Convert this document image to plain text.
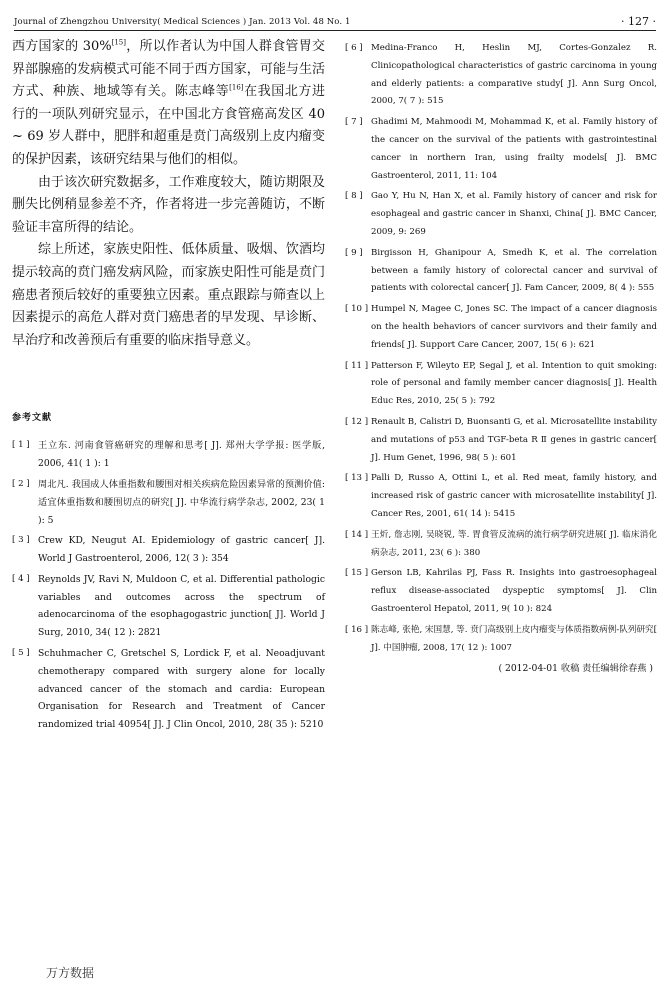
Journal of Zhengzhou University( Medical Sciences ) Jan. 2013 Vol. 48 No. 1	· 127 ·

西方国家的 30%[15]，所以作者认为中国人群食管胃交界部腺癌的发病模式可能不同于西方国家，可能与生活方式、种族、地域等有关。陈志峰等[16]在我国北方进行的一项队列研究显示，在中国北方食管癌高发区 40 ~ 69 岁人群中，肥胖和超重是贲门高级别上皮内瘤变的保护因素，该研究结果与他们的相似。

由于该次研究数据多，工作难度较大，随访期限及删失比例稍显参差不齐，作者将进一步完善随访，不断验证丰富所得的结论。

综上所述，家族史阳性、低体质量、吸烟、饮酒均提示较高的贲门癌发病风险，而家族史阳性可能是贲门癌患者预后较好的重要独立因素。重点跟踪与筛查以上因素提示的高危人群对贲门癌患者的早发现、早诊断、早治疗和改善预后有重要的临床指导意义。

参考文献
[ 1 ] 王立东. 河南食管癌研究的理解和思考[ J]. 郑州大学学报: 医学版, 2006, 41( 1 ): 1
[ 2 ] 周北凡. 我国成人体重指数和腰围对相关疾病危险因素异常的预测价值: 适宜体重指数和腰围切点的研究[ J]. 中华流行病学杂志, 2002, 23( 1 ): 5
[ 3 ] Crew KD, Neugut AI. Epidemiology of gastric cancer[ J]. World J Gastroenterol, 2006, 12( 3 ): 354
[ 4 ] Reynolds JV, Ravi N, Muldoon C, et al. Differential pathologic variables and outcomes across the spectrum of adenocarcinoma of the esophagogastric junction[ J]. World J Surg, 2010, 34( 12 ): 2821
[ 5 ] Schuhmacher C, Gretschel S, Lordick F, et al. Neoadjuvant chemotherapy compared with surgery alone for locally advanced cancer of the stomach and cardia: European Organisation for Research and Treatment of Cancer randomized trial 40954[ J]. J Clin Oncol, 2010, 28( 35 ): 5210
[ 6 ] Medina-Franco H, Heslin MJ, Cortes-Gonzalez R. Clinicopathological characteristics of gastric carcinoma in young and elderly patients: a comparative study[ J]. Ann Surg Oncol, 2000, 7( 7 ): 515
[ 7 ] Ghadimi M, Mahmoodi M, Mohammad K, et al. Family history of the cancer on the survival of the patients with gastrointestinal cancer in northern Iran, using frailty models[ J]. BMC Gastroenterol, 2011, 11: 104
[ 8 ] Gao Y, Hu N, Han X, et al. Family history of cancer and risk for esophageal and gastric cancer in Shanxi, China[ J]. BMC Cancer, 2009, 9: 269
[ 9 ] Birgisson H, Ghanipour A, Smedh K, et al. The correlation between a family history of colorectal cancer and survival of patients with colorectal cancer[ J]. Fam Cancer, 2009, 8( 4 ): 555
[ 10 ] Humpel N, Magee C, Jones SC. The impact of a cancer diagnosis on the health behaviors of cancer survivors and their family and friends[ J]. Support Care Cancer, 2007, 15( 6 ): 621
[ 11 ] Patterson F, Wileyto EP, Segal J, et al. Intention to quit smoking: role of personal and family member cancer diagnosis[ J]. Health Educ Res, 2010, 25( 5 ): 792
[ 12 ] Renault B, Calistri D, Buonsanti G, et al. Microsatellite instability and mutations of p53 and TGF-beta R Ⅱ genes in gastric cancer[ J]. Hum Genet, 1996, 98( 5 ): 601
[ 13 ] Palli D, Russo A, Ottini L, et al. Red meat, family history, and increased risk of gastric cancer with microsatellite instability[ J]. Cancer Res, 2001, 61( 14 ): 5415
[ 14 ] 王炘, 詹志刚, 吴晓锐, 等. 胃食管反流病的流行病学研究进展[ J]. 临床消化病杂志, 2011, 23( 6 ): 380
[ 15 ] Gerson LB, Kahrilas PJ, Fass R. Insights into gastroesophageal reflux disease-associated dyspeptic symptoms[ J]. Clin Gastroenterol Hepatol, 2011, 9( 10 ): 824
[ 16 ] 陈志峰, 张艳, 宋国慧, 等. 贲门高级别上皮内瘤变与体质指数病例-队列研究[ J]. 中国肿瘤, 2008, 17( 12 ): 1007
( 2012-04-01 收稿 责任编辑徐春燕 )
万方数据
